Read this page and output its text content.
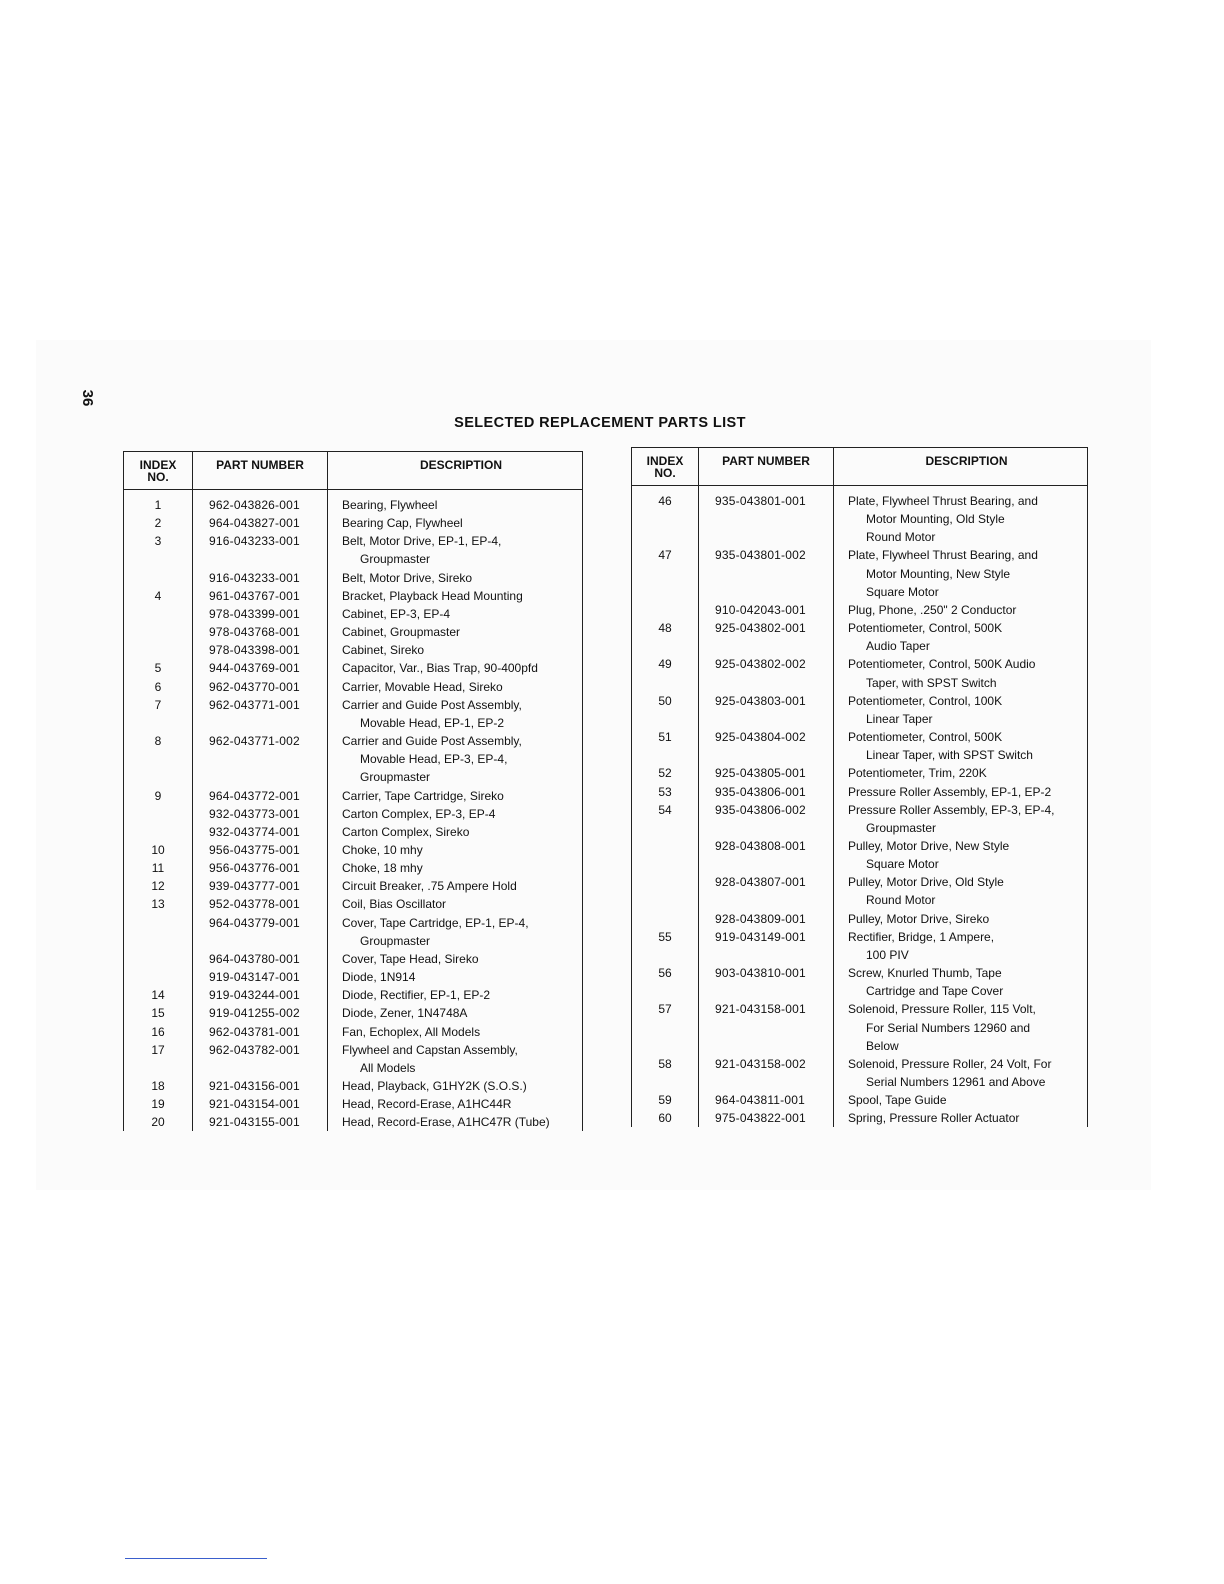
36
SELECTED REPLACEMENT PARTS LIST
INDEX
NO.	PART NUMBER	DESCRIPTION
1	962-043826-001	Bearing, Flywheel

2	964-043827-001	Bearing Cap, Flywheel

3	916-043233-001	Belt, Motor Drive, EP-1, EP-4,
Groupmaster

	916-043233-001	Belt, Motor Drive, Sireko

4	961-043767-001	Bracket, Playback Head Mounting

	978-043399-001	Cabinet, EP-3, EP-4

	978-043768-001	Cabinet, Groupmaster

	978-043398-001	Cabinet, Sireko

5	944-043769-001	Capacitor, Var., Bias Trap, 90-400pfd

6	962-043770-001	Carrier, Movable Head, Sireko

7	962-043771-001	Carrier and Guide Post Assembly,
Movable Head, EP-1, EP-2

8	962-043771-002	Carrier and Guide Post Assembly,
Movable Head, EP-3, EP-4,
Groupmaster

9	964-043772-001	Carrier, Tape Cartridge, Sireko

	932-043773-001	Carton Complex, EP-3, EP-4

	932-043774-001	Carton Complex, Sireko

10	956-043775-001	Choke, 10 mhy

11	956-043776-001	Choke, 18 mhy

12	939-043777-001	Circuit Breaker, .75 Ampere Hold

13	952-043778-001	Coil, Bias Oscillator

	964-043779-001	Cover, Tape Cartridge, EP-1, EP-4,
Groupmaster

	964-043780-001	Cover, Tape Head, Sireko

	919-043147-001	Diode, 1N914

14	919-043244-001	Diode, Rectifier, EP-1, EP-2

15	919-041255-002	Diode, Zener, 1N4748A

16	962-043781-001	Fan, Echoplex, All Models

17	962-043782-001	Flywheel and Capstan Assembly,
All Models

18	921-043156-001	Head, Playback, G1HY2K (S.O.S.)

19	921-043154-001	Head, Record-Erase, A1HC44R

20	921-043155-001	Head, Record-Erase, A1HC47R (Tube)
INDEX
NO.	PART NUMBER	DESCRIPTION
46	935-043801-001	Plate, Flywheel Thrust Bearing, and
Motor Mounting, Old Style
Round Motor

47	935-043801-002	Plate, Flywheel Thrust Bearing, and
Motor Mounting, New Style
Square Motor

	910-042043-001	Plug, Phone, .250" 2 Conductor

48	925-043802-001	Potentiometer, Control, 500K
Audio Taper

49	925-043802-002	Potentiometer, Control, 500K Audio
Taper, with SPST Switch

50	925-043803-001	Potentiometer, Control, 100K
Linear Taper

51	925-043804-002	Potentiometer, Control, 500K
Linear Taper, with SPST Switch

52	925-043805-001	Potentiometer, Trim, 220K

53	935-043806-001	Pressure Roller Assembly, EP-1, EP-2

54	935-043806-002	Pressure Roller Assembly, EP-3, EP-4,
Groupmaster

	928-043808-001	Pulley, Motor Drive, New Style
Square Motor

	928-043807-001	Pulley, Motor Drive, Old Style
Round Motor

	928-043809-001	Pulley, Motor Drive, Sireko

55	919-043149-001	Rectifier, Bridge, 1 Ampere,
100 PIV

56	903-043810-001	Screw, Knurled Thumb, Tape
Cartridge and Tape Cover

57	921-043158-001	Solenoid, Pressure Roller, 115 Volt,
For Serial Numbers 12960 and
Below

58	921-043158-002	Solenoid, Pressure Roller, 24 Volt, For
Serial Numbers 12961 and Above

59	964-043811-001	Spool, Tape Guide

60	975-043822-001	Spring, Pressure Roller Actuator
